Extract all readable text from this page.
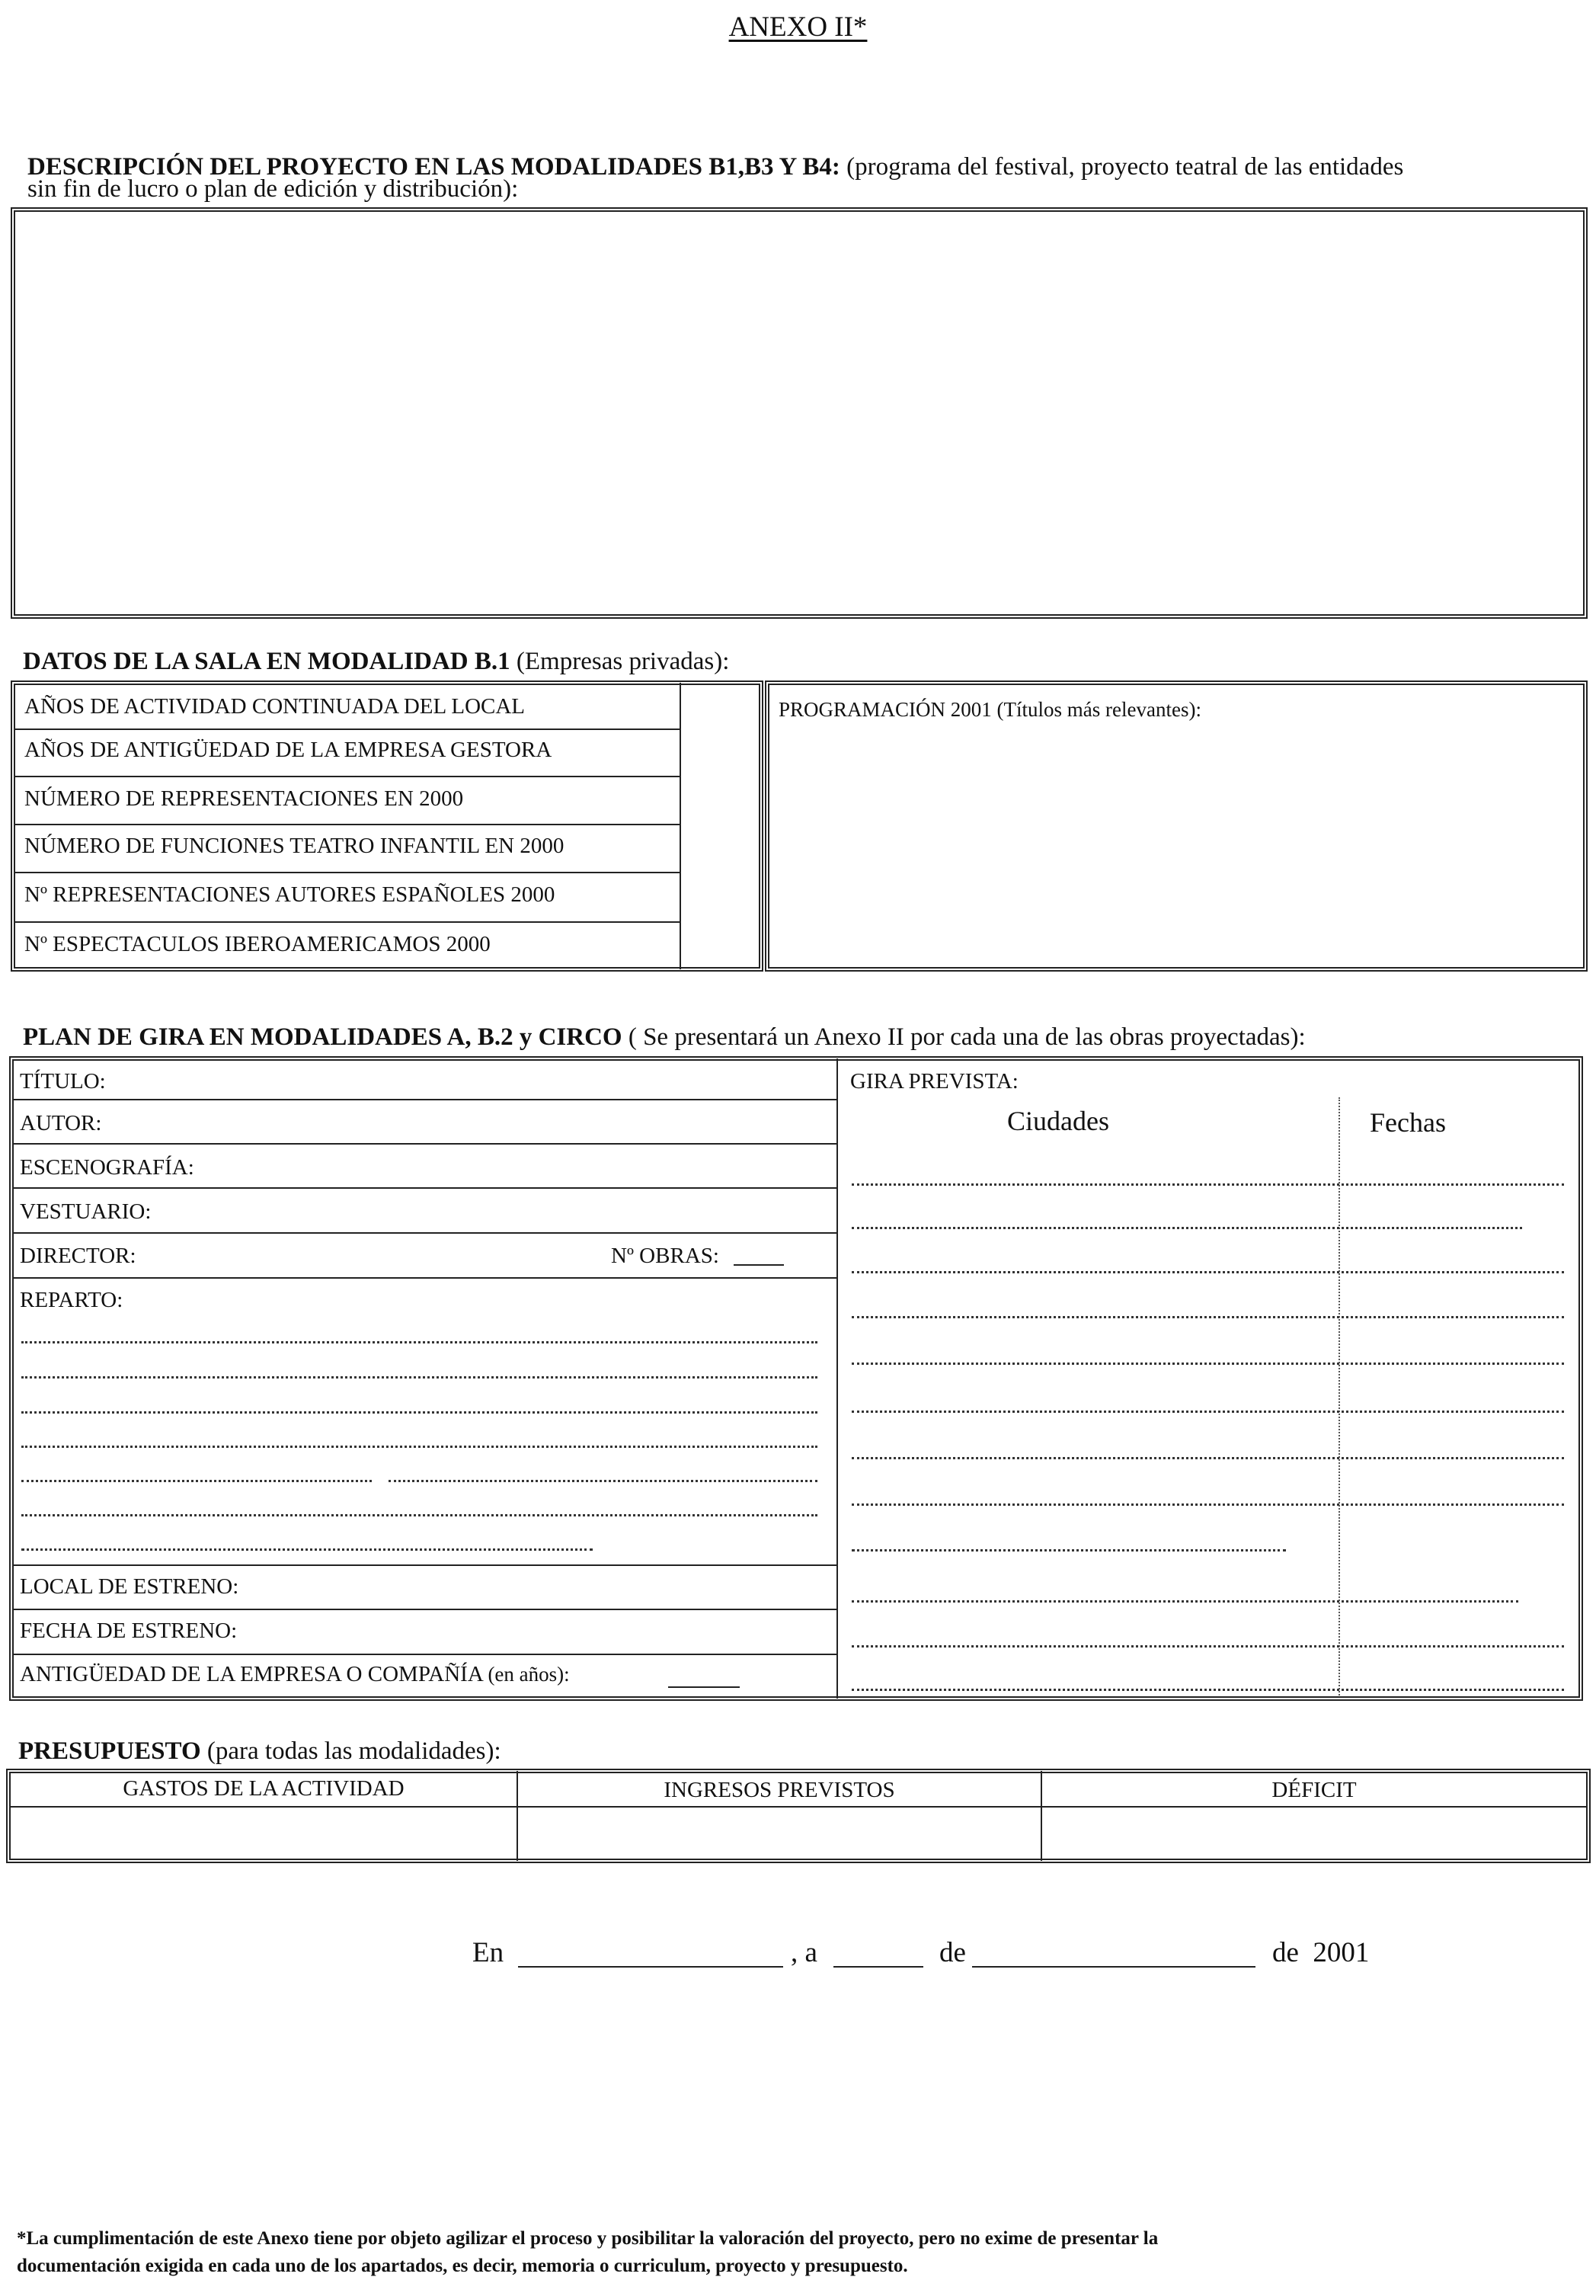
ANEXO II*
DESCRIPCIÓN DEL PROYECTO EN LAS MODALIDADES B1,B3 Y B4: (programa del festival, proyecto teatral de las entidades
sin fin de lucro o plan de edición y distribución):
DATOS DE LA SALA EN MODALIDAD B.1 (Empresas privadas):
AÑOS DE ACTIVIDAD CONTINUADA DEL LOCAL
AÑOS DE ANTIGÜEDAD DE LA EMPRESA GESTORA
NÚMERO DE REPRESENTACIONES EN 2000
NÚMERO DE FUNCIONES TEATRO INFANTIL EN 2000
Nº REPRESENTACIONES AUTORES ESPAÑOLES 2000
Nº ESPECTACULOS IBEROAMERICAMOS 2000
PROGRAMACIÓN 2001 (Títulos más relevantes):
PLAN DE GIRA EN MODALIDADES A, B.2 y CIRCO ( Se presentará un Anexo II por cada una de las obras proyectadas):
TÍTULO:
AUTOR:
ESCENOGRAFÍA:
VESTUARIO:
DIRECTOR:	Nº OBRAS:
REPARTO:
LOCAL DE ESTRENO:
FECHA DE ESTRENO:
ANTIGÜEDAD DE LA EMPRESA O COMPAÑÍA (en años):
GIRA PREVISTA:
Ciudades	Fechas
PRESUPUESTO (para todas las modalidades):
GASTOS DE LA ACTIVIDAD	INGRESOS PREVISTOS	DÉFICIT
En	, a	de	de  2001
*La cumplimentación de este Anexo tiene por objeto agilizar el proceso y posibilitar la valoración del proyecto, pero no exime de presentar la
documentación exigida en cada uno de los apartados, es decir, memoria o curriculum, proyecto y presupuesto.
